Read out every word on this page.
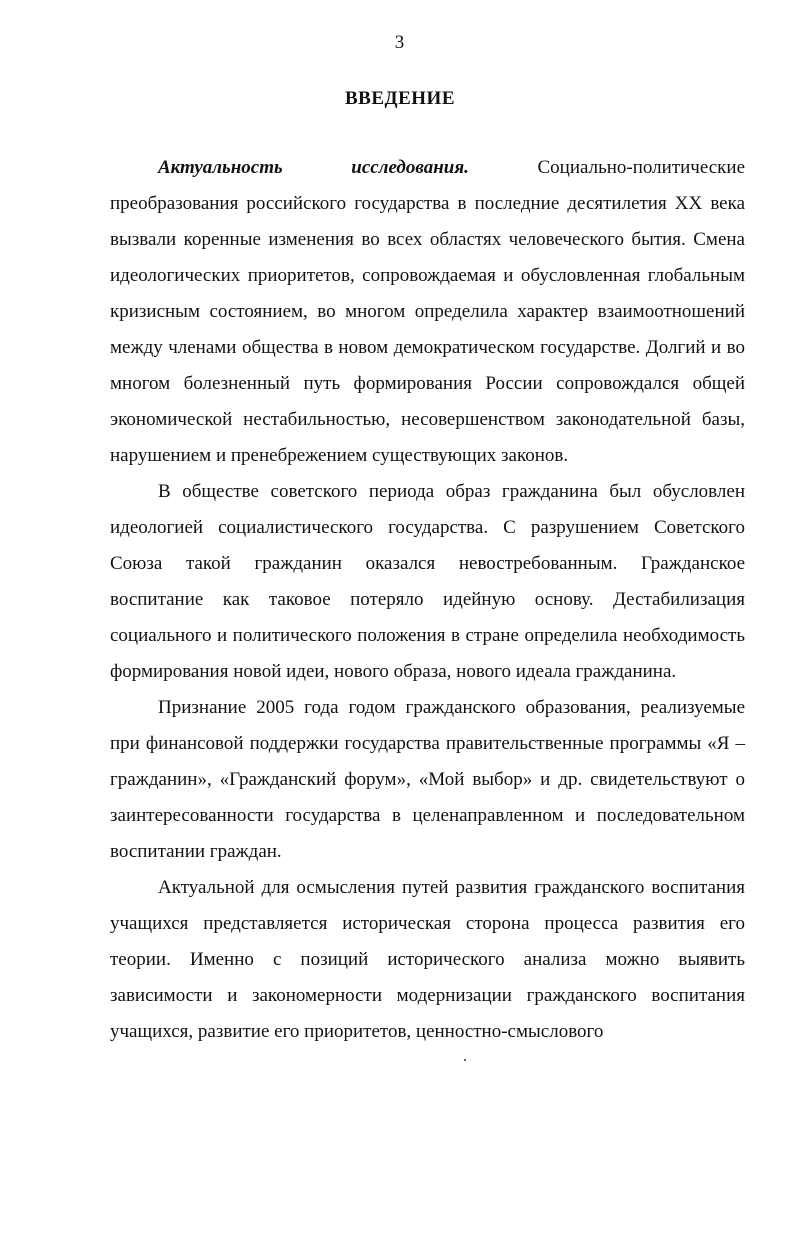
3
ВВЕДЕНИЕ

Актуальность исследования.	Социально-политические преобразования российского государства в последние десятилетия XX века вызвали коренные изменения во всех областях человеческого бытия. Смена идеологических приоритетов, сопровождаемая и обусловленная глобальным кризисным состоянием, во многом определила характер взаимоотношений между членами общества в новом демократическом государстве. Долгий и во многом болезненный путь формирования России сопровождался общей экономической нестабильностью, несовершенством законодательной базы, нарушением и пренебрежением существующих законов.

В обществе советского периода образ гражданина был обусловлен идеологией социалистического государства. С разрушением Советского Союза такой гражданин оказался невостребованным. Гражданское воспитание как таковое потеряло идейную основу. Дестабилизация социального и политического положения в стране определила необходимость формирования новой идеи, нового образа, нового идеала гражданина.

Признание 2005 года годом гражданского образования, реализуемые при финансовой поддержки государства правительственные программы «Я – гражданин», «Гражданский форум», «Мой выбор» и др. свидетельствуют о заинтересованности государства в целенаправленном и последовательном воспитании граждан.

Актуальной для осмысления путей развития гражданского воспитания учащихся представляется историческая сторона процесса развития его теории. Именно с позиций исторического анализа можно выявить зависимости и закономерности модернизации гражданского воспитания учащихся, развитие его приоритетов, ценностно-смыслового
